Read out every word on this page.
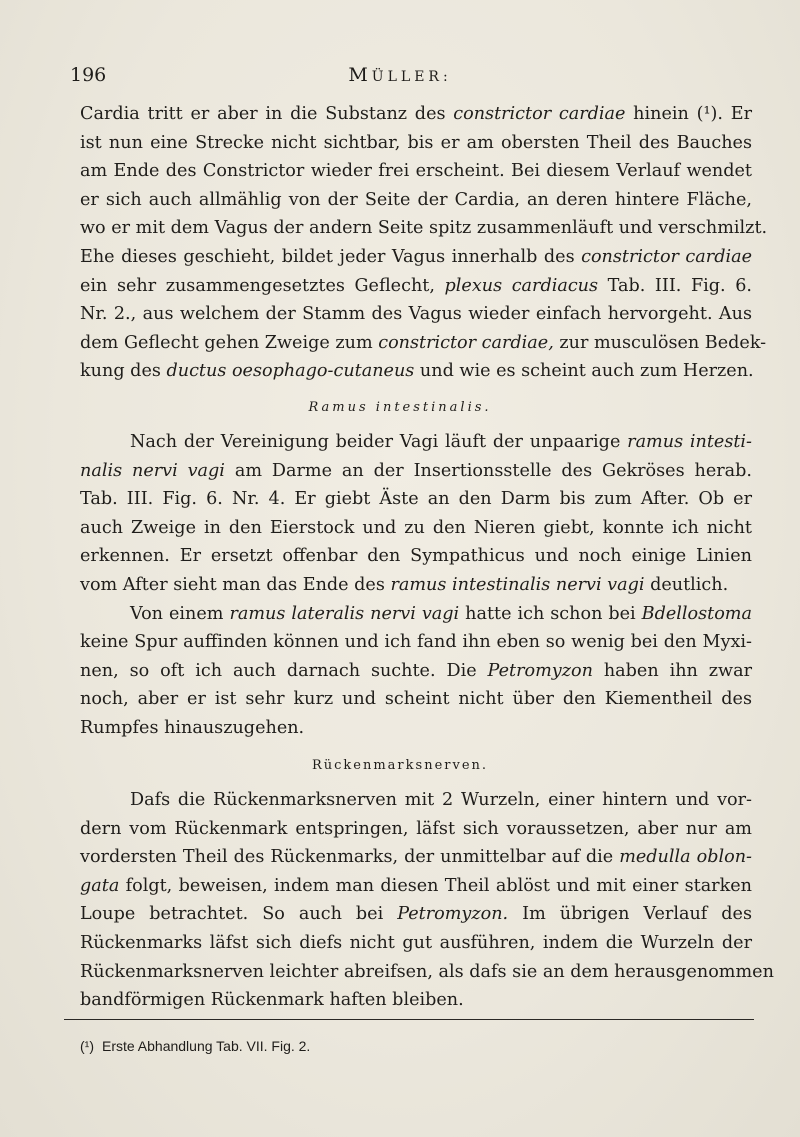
196	MÜLLER:
Cardia tritt er aber in die Substanz des constrictor cardiae hinein (¹). Er
ist nun eine Strecke nicht sichtbar, bis er am obersten Theil des Bauches
am Ende des Constrictor wieder frei erscheint. Bei diesem Verlauf wendet
er sich auch allmählig von der Seite der Cardia, an deren hintere Fläche,
wo er mit dem Vagus der andern Seite spitz zusammenläuft und verschmilzt.
Ehe dieses geschieht, bildet jeder Vagus innerhalb des constrictor cardiae
ein sehr zusammengesetztes Geflecht, plexus cardiacus Tab. III. Fig. 6.
Nr. 2., aus welchem der Stamm des Vagus wieder einfach hervorgeht. Aus
dem Geflecht gehen Zweige zum constrictor cardiae, zur musculösen Bedek-
kung des ductus oesophago-cutaneus und wie es scheint auch zum Herzen.
Ramus intestinalis.
Nach der Vereinigung beider Vagi läuft der unpaarige ramus intesti-
nalis nervi vagi am Darme an der Insertionsstelle des Gekröses herab.
Tab. III. Fig. 6. Nr. 4. Er giebt Äste an den Darm bis zum After. Ob er
auch Zweige in den Eierstock und zu den Nieren giebt, konnte ich nicht
erkennen. Er ersetzt offenbar den Sympathicus und noch einige Linien
vom After sieht man das Ende des ramus intestinalis nervi vagi deutlich.
Von einem ramus lateralis nervi vagi hatte ich schon bei Bdellostoma
keine Spur auffinden können und ich fand ihn eben so wenig bei den Myxi-
nen, so oft ich auch darnach suchte. Die Petromyzon haben ihn zwar
noch, aber er ist sehr kurz und scheint nicht über den Kiementheil des
Rumpfes hinauszugehen.
Rückenmarksnerven.
Dafs die Rückenmarksnerven mit 2 Wurzeln, einer hintern und vor-
dern vom Rückenmark entspringen, läfst sich voraussetzen, aber nur am
vordersten Theil des Rückenmarks, der unmittelbar auf die medulla oblon-
gata folgt, beweisen, indem man diesen Theil ablöst und mit einer starken
Loupe betrachtet. So auch bei Petromyzon. Im übrigen Verlauf des
Rückenmarks läfst sich diefs nicht gut ausführen, indem die Wurzeln der
Rückenmarksnerven leichter abreifsen, als dafs sie an dem herausgenommen
bandförmigen Rückenmark haften bleiben.
(¹) Erste Abhandlung Tab. VII. Fig. 2.
